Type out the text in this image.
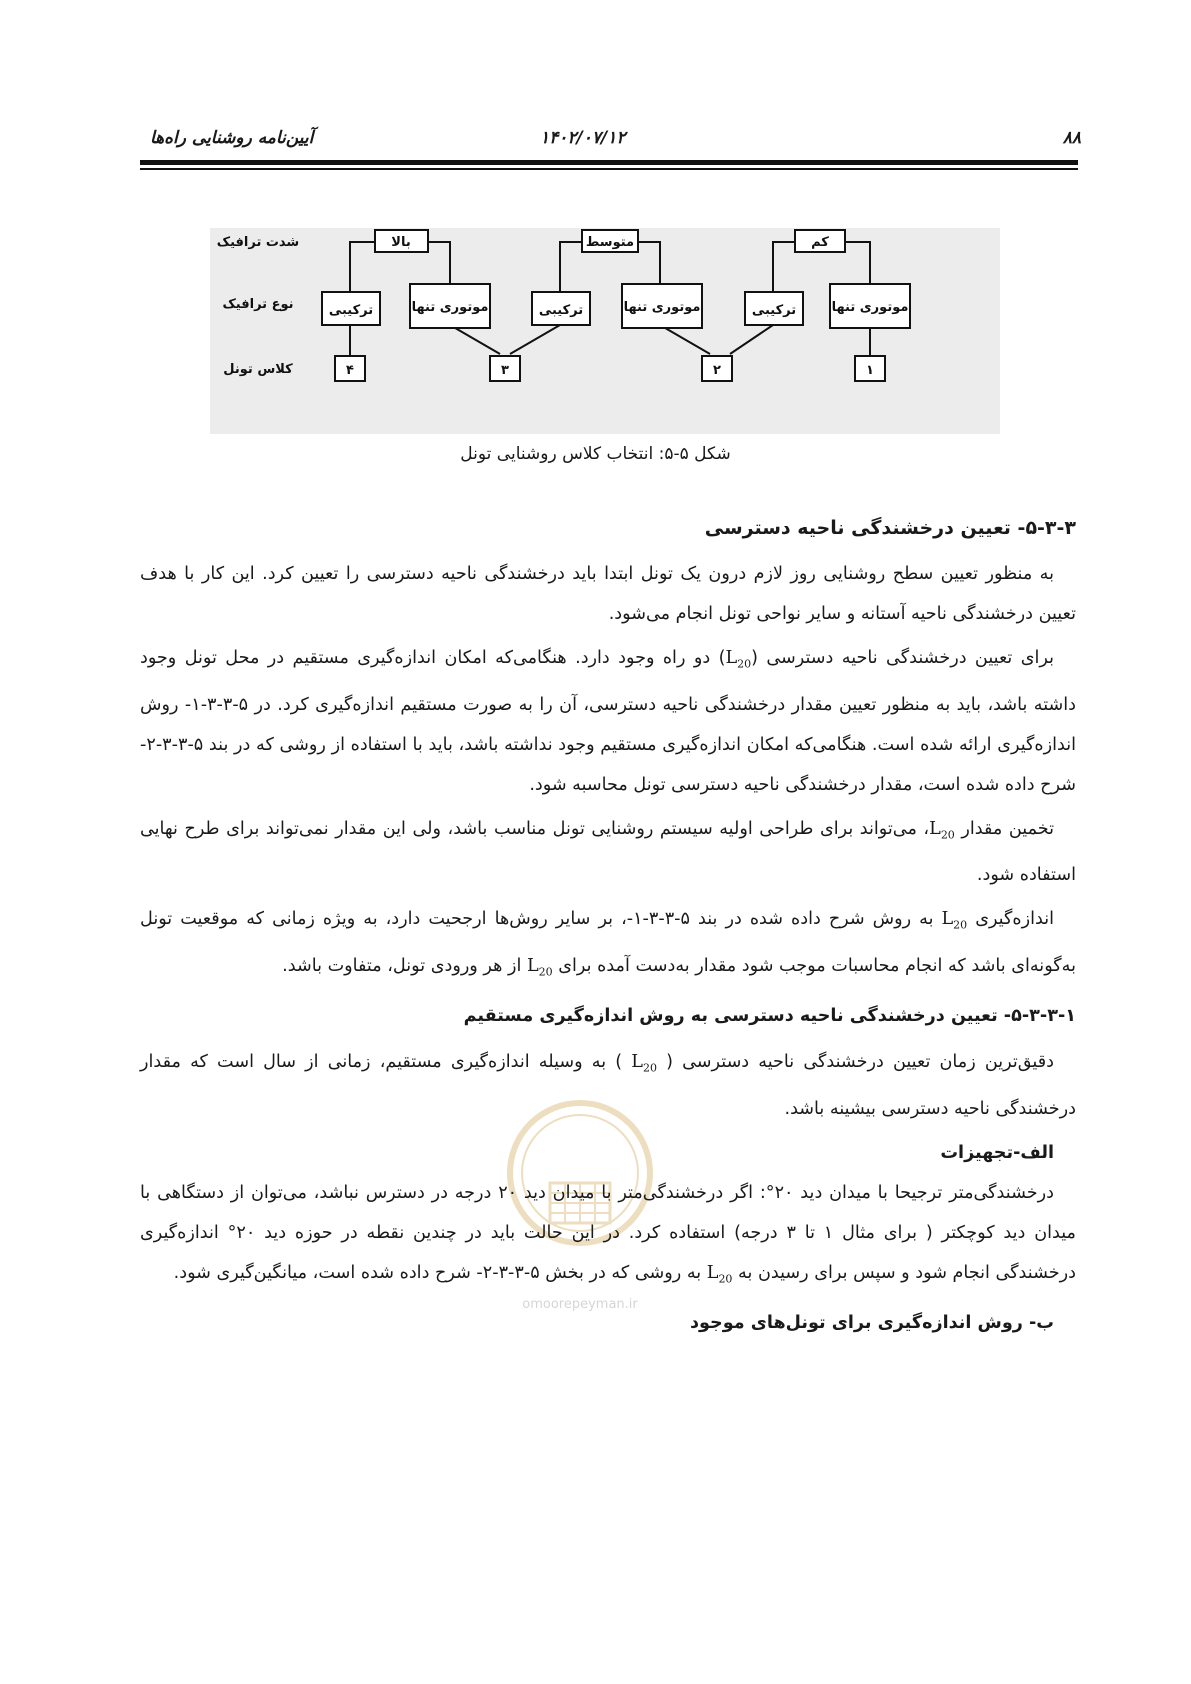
۸۸
۱۴۰۲/۰۷/۱۲
آیین‌نامه روشنایی راه‌ها
شدت ترافیک
نوع ترافیک
کلاس تونل
بالا	متوسط	کم
ترکیبی	موتوری تنها	ترکیبی	موتوری تنها	ترکیبی	موتوری تنها
۴	۳	۲	۱
شکل ۵-۵: انتخاب کلاس روشنایی تونل
omoorepeyman.ir
۵-۳-۳- تعیین درخشندگی ناحیه دسترسی

به منظور تعیین سطح روشنایی روز لازم درون یک تونل ابتدا باید درخشندگی ناحیه دسترسی را تعیین کرد. این کار با هدف تعیین درخشندگی ناحیه آستانه و سایر نواحی تونل انجام می‌شود.

برای تعیین درخشندگی ناحیه دسترسی $(L_{20})$ دو راه وجود دارد. هنگامی‌که امکان اندازه‌گیری مستقیم در محل تونل وجود داشته باشد، باید به منظور تعیین مقدار درخشندگی ناحیه دسترسی، آن را به صورت مستقیم اندازه‌گیری کرد. در ۵-۳-۳-۱- روش اندازه‌گیری ارائه شده است. هنگامی‌که امکان اندازه‌گیری مستقیم وجود نداشته باشد، باید با استفاده از روشی که در بند ۵-۳-۳-۲- شرح داده شده است، مقدار درخشندگی ناحیه دسترسی تونل محاسبه شود.

تخمین مقدار $L_{20}،$ می‌تواند برای طراحی اولیه سیستم روشنایی تونل مناسب باشد، ولی این مقدار نمی‌تواند برای طرح نهایی استفاده شود.

اندازه‌گیری $L_{20}$ به روش شرح داده شده در بند ۵-۳-۳-۱-، بر سایر روش‌ها ارجحیت دارد، به ویژه زمانی که موقعیت تونل به‌گونه‌ای باشد که انجام محاسبات موجب شود مقدار به‌دست آمده برای $L_{20}$ از هر ورودی تونل، متفاوت باشد.

۵-۳-۳-۱- تعیین درخشندگی ناحیه دسترسی به روش اندازه‌گیری مستقیم

دقیق‌ترین زمان تعیین درخشندگی ناحیه دسترسی ( $L_{20}$ ) به وسیله اندازه‌گیری مستقیم، زمانی از سال است که مقدار درخشندگی ناحیه دسترسی بیشینه باشد.

الف-تجهیزات

درخشندگی‌متر ترجیحا با میدان دید ۲۰°: اگر درخشندگی‌متر با میدان دید ۲۰ درجه در دسترس نباشد، می‌توان از دستگاهی با میدان دید کوچکتر ( برای مثال ۱ تا ۳ درجه) استفاده کرد. در این حالت باید در چندین نقطه در حوزه دید ۲۰° اندازه‌گیری درخشندگی انجام شود و سپس برای رسیدن به $L_{20}$ به روشی که در بخش ۵-۳-۳-۲- شرح داده شده است، میانگین‌گیری شود.

ب- روش اندازه‌گیری برای تونل‌های موجود
